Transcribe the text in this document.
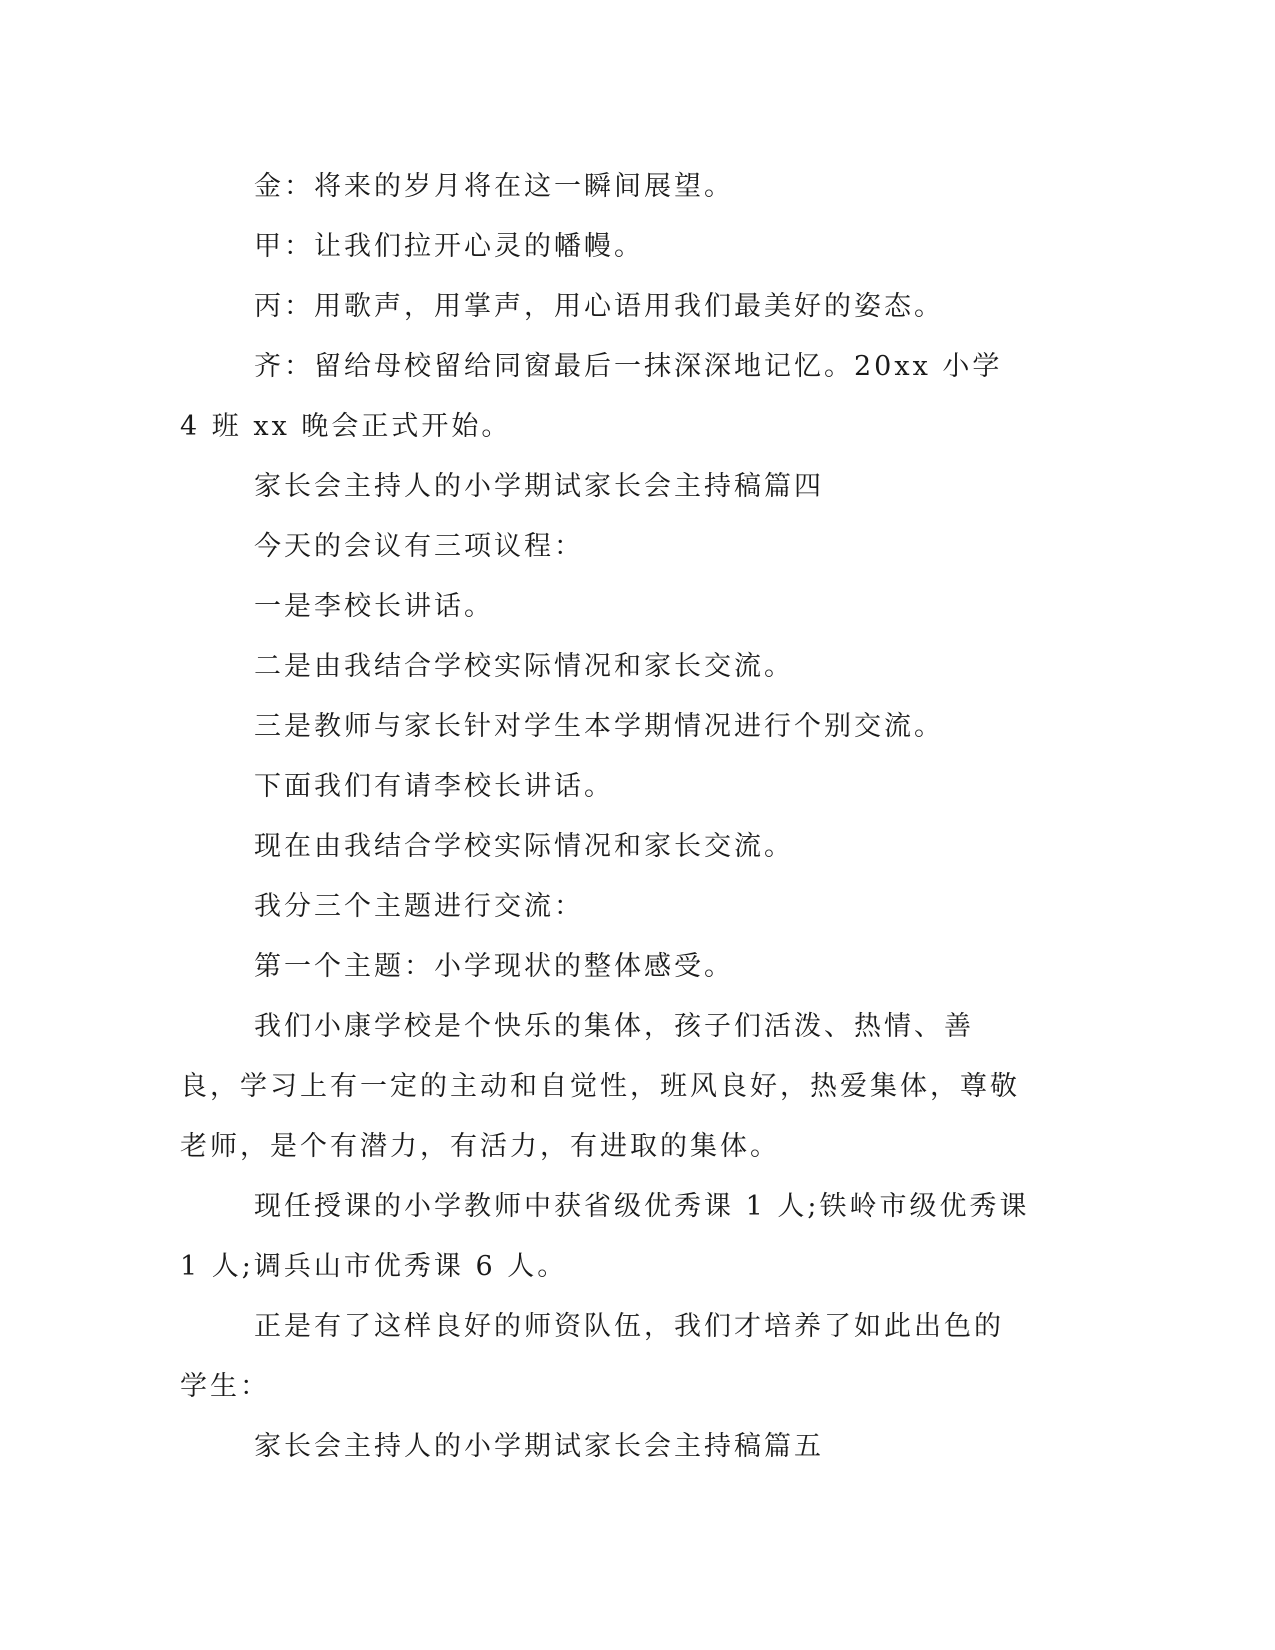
金：将来的岁月将在这一瞬间展望。

甲：让我们拉开心灵的幡幔。

丙：用歌声，用掌声，用心语用我们最美好的姿态。

齐：留给母校留给同窗最后一抹深深地记忆。20xx 小学 4 班 xx 晚会正式开始。

家长会主持人的小学期试家长会主持稿篇四

今天的会议有三项议程：

一是李校长讲话。

二是由我结合学校实际情况和家长交流。

三是教师与家长针对学生本学期情况进行个别交流。

下面我们有请李校长讲话。

现在由我结合学校实际情况和家长交流。

我分三个主题进行交流：

第一个主题：小学现状的整体感受。

我们小康学校是个快乐的集体，孩子们活泼、热情、善良，学习上有一定的主动和自觉性，班风良好，热爱集体，尊敬老师，是个有潜力，有活力，有进取的集体。

现任授课的小学教师中获省级优秀课 1 人;铁岭市级优秀课 1 人;调兵山市优秀课 6 人。

正是有了这样良好的师资队伍，我们才培养了如此出色的学生：

家长会主持人的小学期试家长会主持稿篇五
